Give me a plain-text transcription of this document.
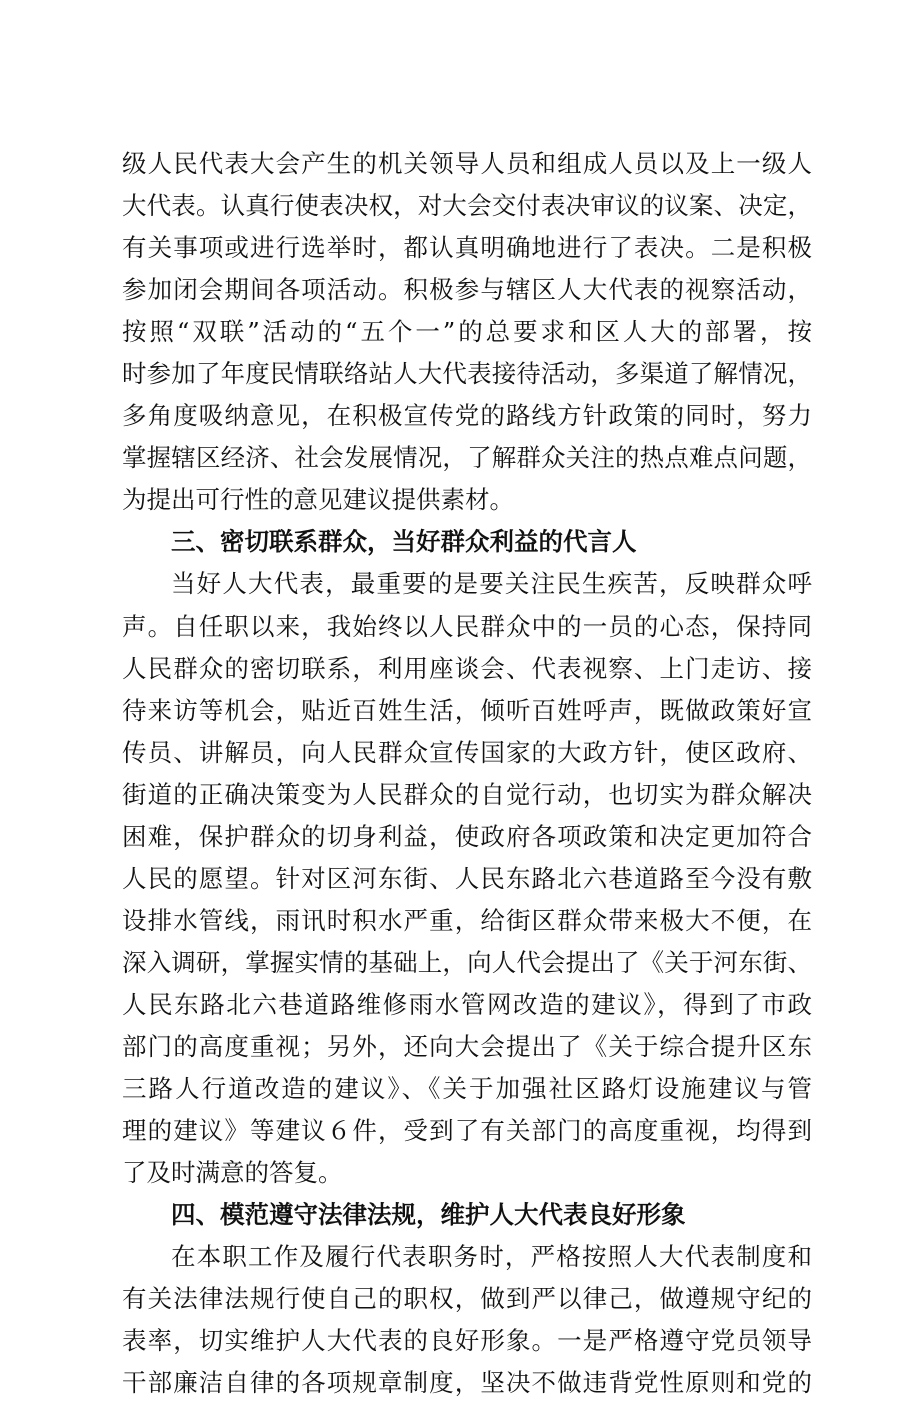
级人民代表大会产生的机关领导人员和组成人员以及上一级人
大代表。认真行使表决权，对大会交付表决审议的议案、决定，
有关事项或进行选举时，都认真明确地进行了表决。二是积极
参加闭会期间各项活动。积极参与辖区人大代表的视察活动，
按照“双联”活动的“五个一”的总要求和区人大的部署，按
时参加了年度民情联络站人大代表接待活动，多渠道了解情况，
多角度吸纳意见，在积极宣传党的路线方针政策的同时，努力
掌握辖区经济、社会发展情况，了解群众关注的热点难点问题，
为提出可行性的意见建议提供素材。
三、密切联系群众，当好群众利益的代言人
当好人大代表，最重要的是要关注民生疾苦，反映群众呼
声。自任职以来，我始终以人民群众中的一员的心态，保持同
人民群众的密切联系，利用座谈会、代表视察、上门走访、接
待来访等机会，贴近百姓生活，倾听百姓呼声，既做政策好宣
传员、讲解员，向人民群众宣传国家的大政方针，使区政府、
街道的正确决策变为人民群众的自觉行动，也切实为群众解决
困难，保护群众的切身利益，使政府各项政策和决定更加符合
人民的愿望。针对区河东街、人民东路北六巷道路至今没有敷
设排水管线，雨讯时积水严重，给街区群众带来极大不便，在
深入调研，掌握实情的基础上，向人代会提出了《关于河东街、
人民东路北六巷道路维修雨水管网改造的建议》，得到了市政
部门的高度重视；另外，还向大会提出了《关于综合提升区东
三路人行道改造的建议》、《关于加强社区路灯设施建议与管
理的建议》等建议６件，受到了有关部门的高度重视，均得到
了及时满意的答复。
四、模范遵守法律法规，维护人大代表良好形象
在本职工作及履行代表职务时，严格按照人大代表制度和
有关法律法规行使自己的职权，做到严以律己，做遵规守纪的
表率，切实维护人大代表的良好形象。一是严格遵守党员领导
干部廉洁自律的各项规章制度，坚决不做违背党性原则和党的
